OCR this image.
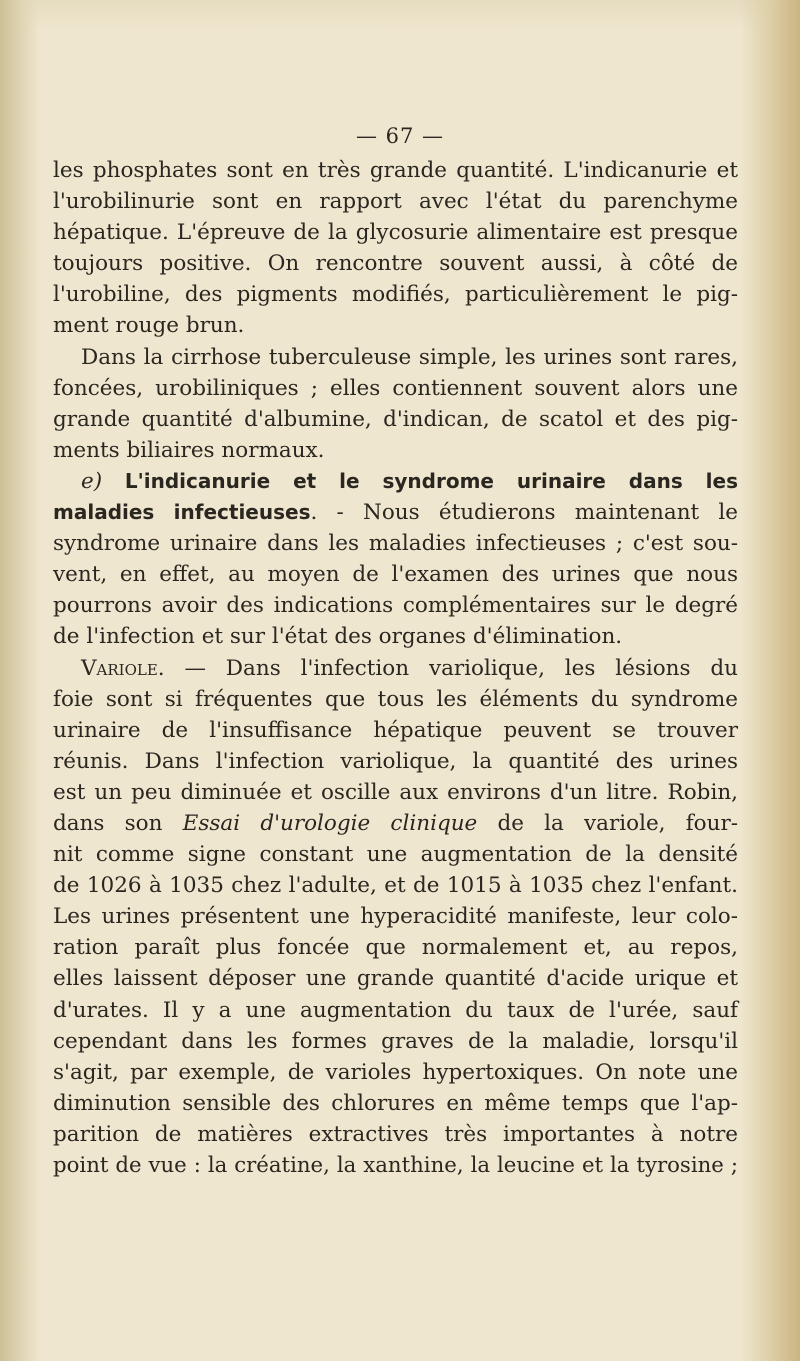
— 67 —
les phosphates sont en très grande quantité. L'indicanurie et
l'urobilinurie sont en rapport avec l'état du parenchyme
hépatique. L'épreuve de la glycosurie alimentaire est presque
toujours positive. On rencontre souvent aussi, à côté de
l'urobiline, des pigments modifiés, particulièrement le pig-
ment rouge brun.
Dans la cirrhose tuberculeuse simple, les urines sont rares,
foncées, urobiliniques ; elles contiennent souvent alors une
grande quantité d'albumine, d'indican, de scatol et des pig-
ments biliaires normaux.
e) L'indicanurie et le syndrome urinaire dans les
maladies infectieuses. - Nous étudierons maintenant le
syndrome urinaire dans les maladies infectieuses ; c'est sou-
vent, en effet, au moyen de l'examen des urines que nous
pourrons avoir des indications complémentaires sur le degré
de l'infection et sur l'état des organes d'élimination.
Variole. — Dans l'infection variolique, les lésions du
foie sont si fréquentes que tous les éléments du syndrome
urinaire de l'insuffisance hépatique peuvent se trouver
réunis. Dans l'infection variolique, la quantité des urines
est un peu diminuée et oscille aux environs d'un litre. Robin,
dans son Essai d'urologie clinique de la variole, four-
nit comme signe constant une augmentation de la densité
de 1026 à 1035 chez l'adulte, et de 1015 à 1035 chez l'enfant.
Les urines présentent une hyperacidité manifeste, leur colo-
ration paraît plus foncée que normalement et, au repos,
elles laissent déposer une grande quantité d'acide urique et
d'urates. Il y a une augmentation du taux de l'urée, sauf
cependant dans les formes graves de la maladie, lorsqu'il
s'agit, par exemple, de varioles hypertoxiques. On note une
diminution sensible des chlorures en même temps que l'ap-
parition de matières extractives très importantes à notre
point de vue : la créatine, la xanthine, la leucine et la tyrosine ;
